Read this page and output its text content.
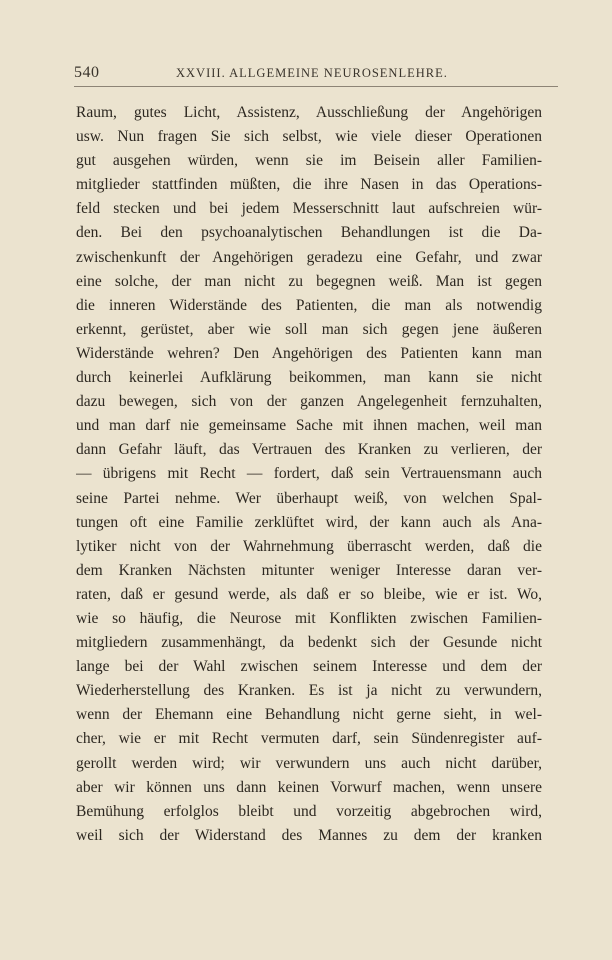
540	XXVIII. ALLGEMEINE NEUROSENLEHRE.
Raum, gutes Licht, Assistenz, Ausschließung der Angehörigen
usw. Nun fragen Sie sich selbst, wie viele dieser Operationen
gut ausgehen würden, wenn sie im Beisein aller Familien-
mitglieder stattfinden müßten, die ihre Nasen in das Operations-
feld stecken und bei jedem Messerschnitt laut aufschreien wür-
den. Bei den psychoanalytischen Behandlungen ist die Da-
zwischenkunft der Angehörigen geradezu eine Gefahr, und zwar
eine solche, der man nicht zu begegnen weiß. Man ist gegen
die inneren Widerstände des Patienten, die man als notwendig
erkennt, gerüstet, aber wie soll man sich gegen jene äußeren
Widerstände wehren? Den Angehörigen des Patienten kann man
durch keinerlei Aufklärung beikommen, man kann sie nicht
dazu bewegen, sich von der ganzen Angelegenheit fernzuhalten,
und man darf nie gemeinsame Sache mit ihnen machen, weil man
dann Gefahr läuft, das Vertrauen des Kranken zu verlieren, der
— übrigens mit Recht — fordert, daß sein Vertrauensmann auch
seine Partei nehme. Wer überhaupt weiß, von welchen Spal-
tungen oft eine Familie zerklüftet wird, der kann auch als Ana-
lytiker nicht von der Wahrnehmung überrascht werden, daß die
dem Kranken Nächsten mitunter weniger Interesse daran ver-
raten, daß er gesund werde, als daß er so bleibe, wie er ist. Wo,
wie so häufig, die Neurose mit Konflikten zwischen Familien-
mitgliedern zusammenhängt, da bedenkt sich der Gesunde nicht
lange bei der Wahl zwischen seinem Interesse und dem der
Wiederherstellung des Kranken. Es ist ja nicht zu verwundern,
wenn der Ehemann eine Behandlung nicht gerne sieht, in wel-
cher, wie er mit Recht vermuten darf, sein Sündenregister auf-
gerollt werden wird; wir verwundern uns auch nicht darüber,
aber wir können uns dann keinen Vorwurf machen, wenn unsere
Bemühung erfolglos bleibt und vorzeitig abgebrochen wird,
weil sich der Widerstand des Mannes zu dem der kranken
